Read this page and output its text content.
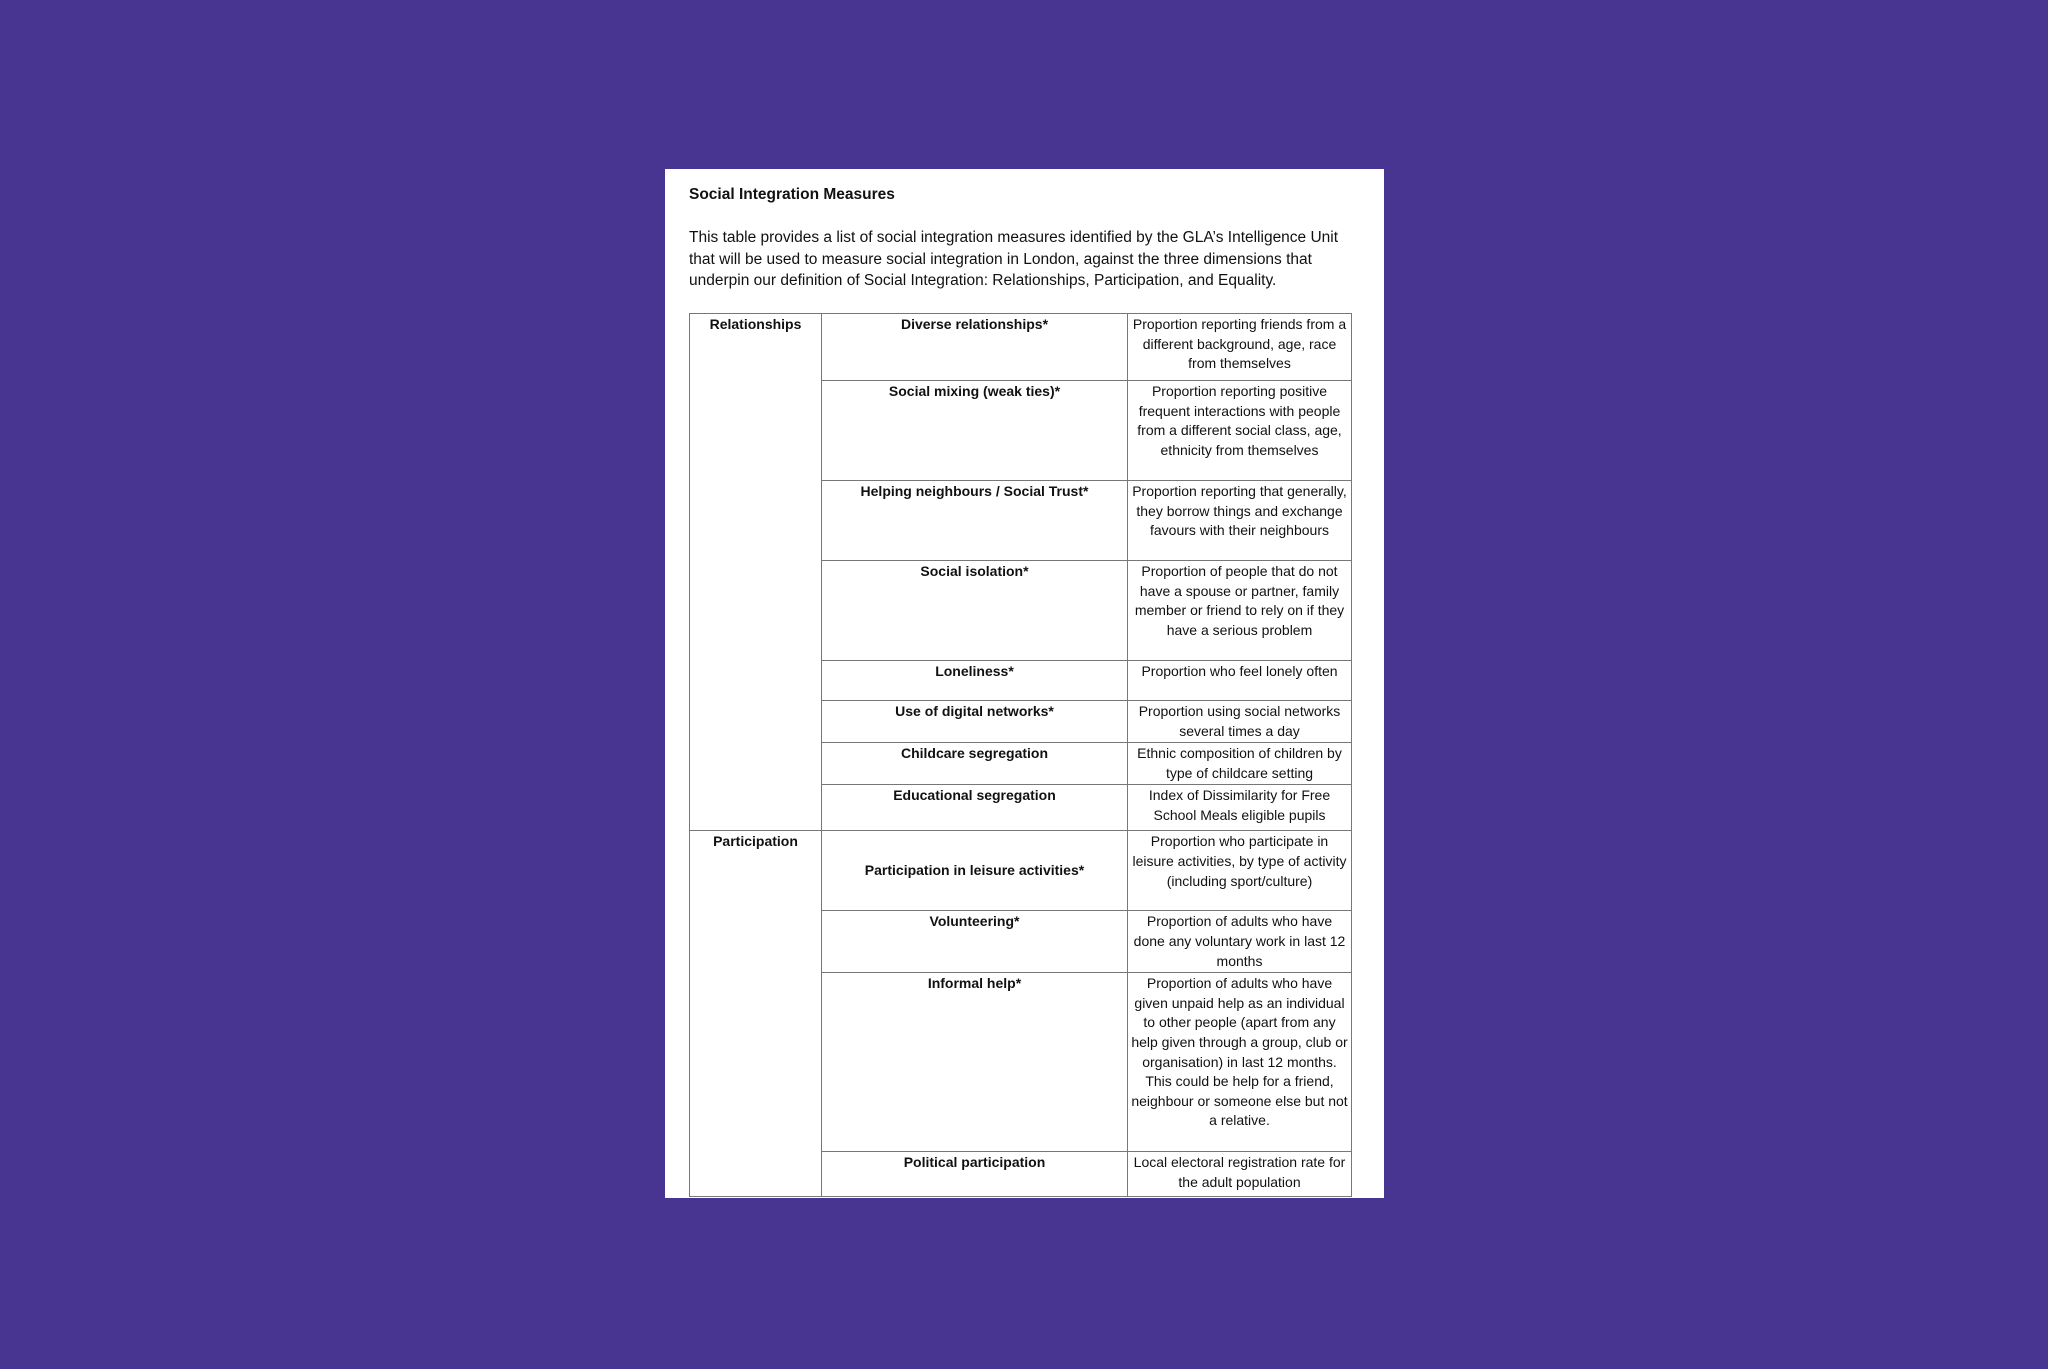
Social Integration Measures

This table provides a list of social integration measures identified by the GLA’s Intelligence Unit that will be used to measure social integration in London, against the three dimensions that underpin our definition of Social Integration: Relationships, Participation, and Equality.

Relationships	Diverse relationships*	Proportion reporting friends from a different background, age, race from themselves
	Social mixing (weak ties)*	Proportion reporting positive frequent interactions with people from a different social class, age, ethnicity from themselves
	Helping neighbours / Social Trust*	Proportion reporting that generally, they borrow things and exchange favours with their neighbours
	Social isolation*	Proportion of people that do not have a spouse or partner, family member or friend to rely on if they have a serious problem
	Loneliness*	Proportion who feel lonely often
	Use of digital networks*	Proportion using social networks several times a day
	Childcare segregation	Ethnic composition of children by type of childcare setting
	Educational segregation	Index of Dissimilarity for Free School Meals eligible pupils
Participation	Participation in leisure activities*	Proportion who participate in leisure activities, by type of activity (including sport/culture)
	Volunteering*	Proportion of adults who have done any voluntary work in last 12 months
	Informal help*	Proportion of adults who have given unpaid help as an individual to other people (apart from any help given through a group, club or organisation) in last 12 months. This could be help for a friend, neighbour or someone else but not a relative.
	Political participation	Local electoral registration rate for the adult population
